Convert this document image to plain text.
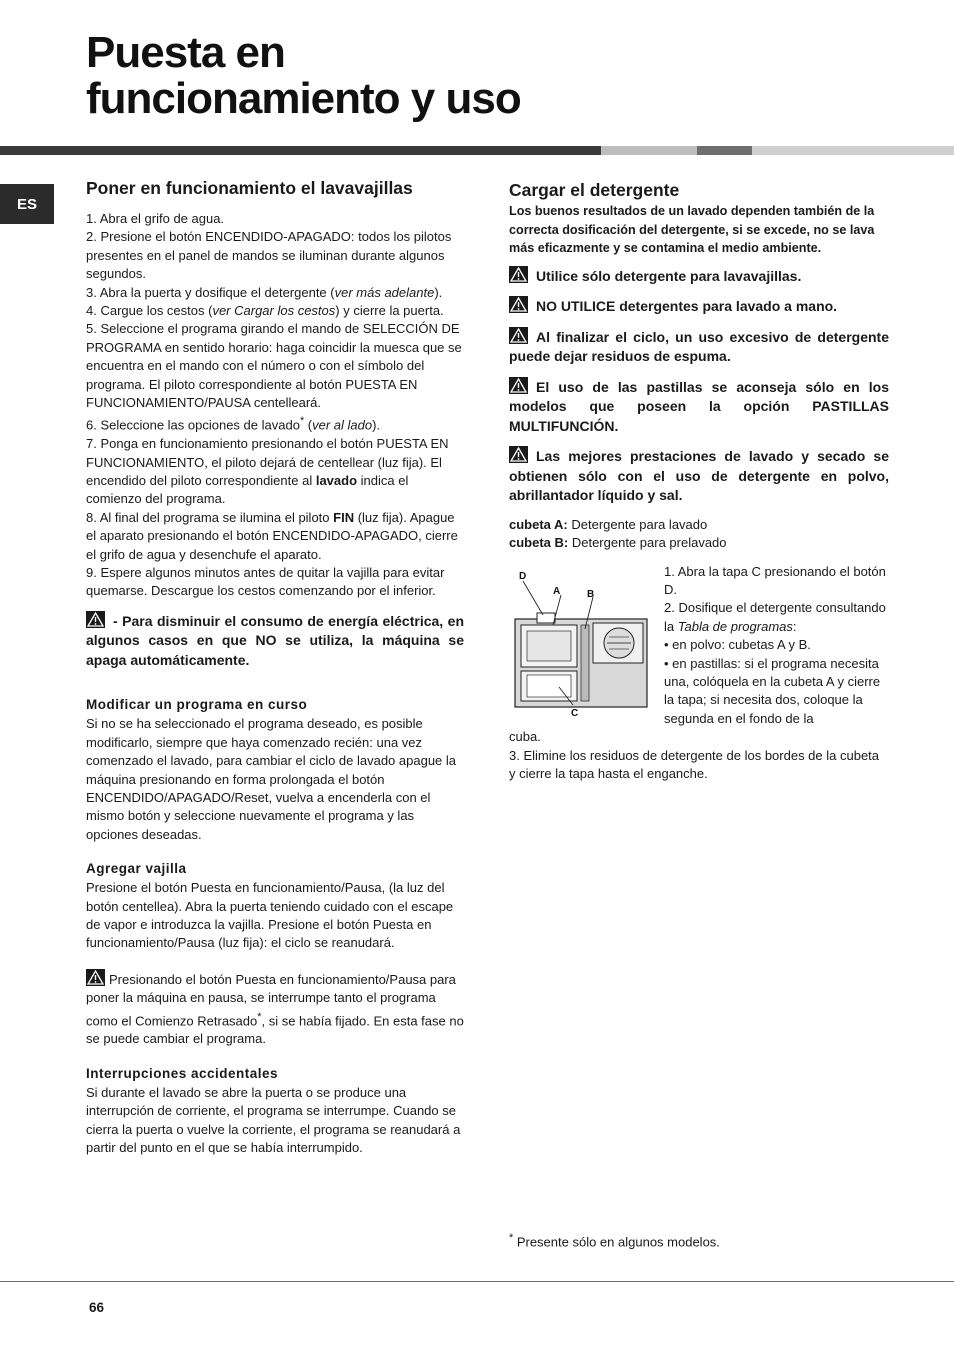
Puesta en
funcionamiento y uso
ES
Poner en funcionamiento el lavavajillas

1. Abra el grifo de agua.

2. Presione el botón ENCENDIDO-APAGADO: todos los pilotos presentes en el panel de mandos se iluminan durante algunos segundos.

3. Abra la puerta y dosifique el detergente (ver más adelante).

4. Cargue los cestos (ver Cargar los cestos) y cierre la puerta.

5. Seleccione el programa girando el mando de SELECCIÓN DE PROGRAMA en sentido horario: haga coincidir la muesca que se encuentra en el mando con el número o con el símbolo del programa. El piloto correspondiente al botón PUESTA EN FUNCIONAMIENTO/PAUSA centelleará.

6. Seleccione las opciones de lavado* (ver al lado).

7. Ponga en funcionamiento presionando el botón PUESTA EN FUNCIONAMIENTO, el piloto dejará de centellear (luz fija). El encendido del piloto correspondiente al lavado indica el comienzo del programa.

8. Al final del programa se ilumina el piloto FIN (luz fija). Apague el aparato presionando el botón ENCENDIDO-APAGADO, cierre el grifo de agua y desenchufe el aparato.

9. Espere algunos minutos antes de quitar la vajilla para evitar quemarse. Descargue los cestos comenzando por el inferior.

- Para disminuir el consumo de energía eléctrica, en algunos casos en que NO se utiliza, la máquina se apaga automáticamente.

Modificar un programa en curso

Si no se ha seleccionado el programa deseado, es posible modificarlo, siempre que haya comenzado recién: una vez comenzado el lavado, para cambiar el ciclo de lavado apague la máquina presionando en forma prolongada el botón ENCENDIDO/APAGADO/Reset, vuelva a encenderla con el mismo botón y seleccione nuevamente el programa y las opciones deseadas.

Agregar vajilla

Presione el botón Puesta en funcionamiento/Pausa, (la luz del botón centellea). Abra la puerta teniendo cuidado con el escape de vapor e introduzca la vajilla. Presione el botón Puesta en funcionamiento/Pausa (luz fija): el ciclo se reanudará.

Presionando el botón Puesta en funcionamiento/Pausa para poner la máquina en pausa, se interrumpe tanto el programa como el Comienzo Retrasado*, si se había fijado. En esta fase no se puede cambiar el programa.

Interrupciones accidentales

Si durante el lavado se abre la puerta o se produce una interrupción de corriente, el programa se interrumpe. Cuando se cierra la puerta o vuelve la corriente, el programa se reanudará a partir del punto en el que se había interrumpido.

Cargar el detergente

Los buenos resultados de un lavado dependen también de la correcta dosificación del detergente, si se excede, no se lava más eficazmente y se contamina el medio ambiente.

Utilice sólo detergente para lavavajillas.
NO UTILICE detergentes para lavado a mano.
Al finalizar el ciclo, un uso excesivo de detergente puede dejar residuos de espuma.
El uso de las pastillas se aconseja sólo en los modelos que poseen la opción PASTILLAS MULTIFUNCIÓN.
Las mejores prestaciones de lavado y secado se obtienen sólo con el uso de detergente en polvo, abrillantador líquido y sal.

cubeta A: Detergente para lavado

cubeta B: Detergente para prelavado

D
A	B
C

1. Abra la tapa C presionando el botón D.

2. Dosifique el detergente consultando la Tabla de programas:

• en polvo: cubetas A y B.

• en pastillas: si el programa necesita una, colóquela en la cubeta A y cierre la tapa; si necesita dos, coloque la segunda en el fondo de la

cuba.

3. Elimine los residuos de detergente de los bordes de la cubeta y cierre la tapa hasta el enganche.

* Presente sólo en algunos modelos.
66
